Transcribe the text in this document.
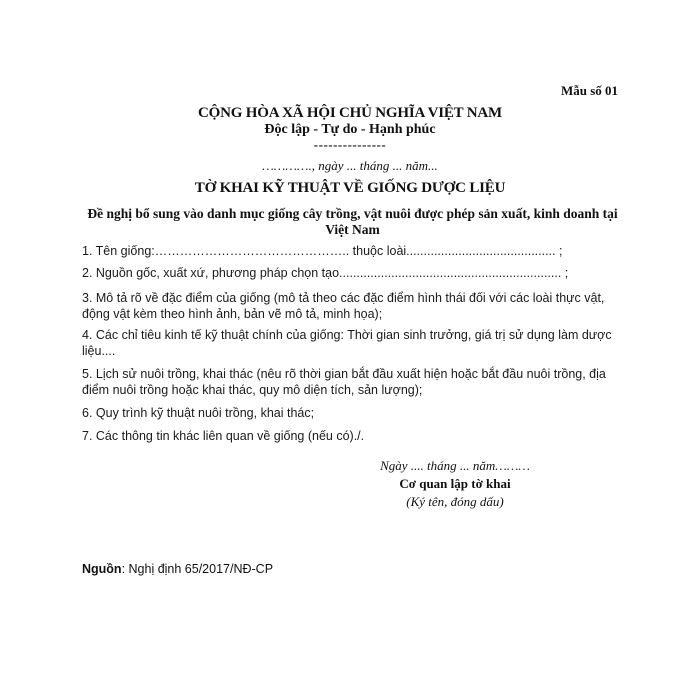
Mẫu số 01
CỘNG HÒA XÃ HỘI CHỦ NGHĨA VIỆT NAM
Độc lập - Tự do - Hạnh phúc
---------------
…………., ngày ... tháng ... năm...
TỜ KHAI KỸ THUẬT VỀ GIỐNG DƯỢC LIỆU
Đề nghị bổ sung vào danh mục giống cây trồng, vật nuôi được phép sản xuất, kinh doanh tại Việt Nam
1. Tên giống:……………………………………….. thuộc loài........................................... ;
2. Nguồn gốc, xuất xứ, phương pháp chọn tạo................................................................ ;
3. Mô tả rõ về đặc điểm của giống (mô tả theo các đặc điểm hình thái đối với các loài thực vật, động vật kèm theo hình ảnh, bản vẽ mô tả, minh họa);
4. Các chỉ tiêu kinh tế kỹ thuật chính của giống: Thời gian sinh trưởng, giá trị sử dụng làm dược liệu....
5. Lịch sử nuôi trồng, khai thác (nêu rõ thời gian bắt đầu xuất hiện hoặc bắt đầu nuôi trồng, địa điểm nuôi trồng hoặc khai thác, quy mô diện tích, sản lượng);
6. Quy trình kỹ thuật nuôi trồng, khai thác;
7. Các thông tin khác liên quan về giống (nếu có)./.
Ngày .... tháng ... năm………
Cơ quan lập tờ khai
(Ký tên, đóng dấu)
Nguồn: Nghị định 65/2017/NĐ-CP
